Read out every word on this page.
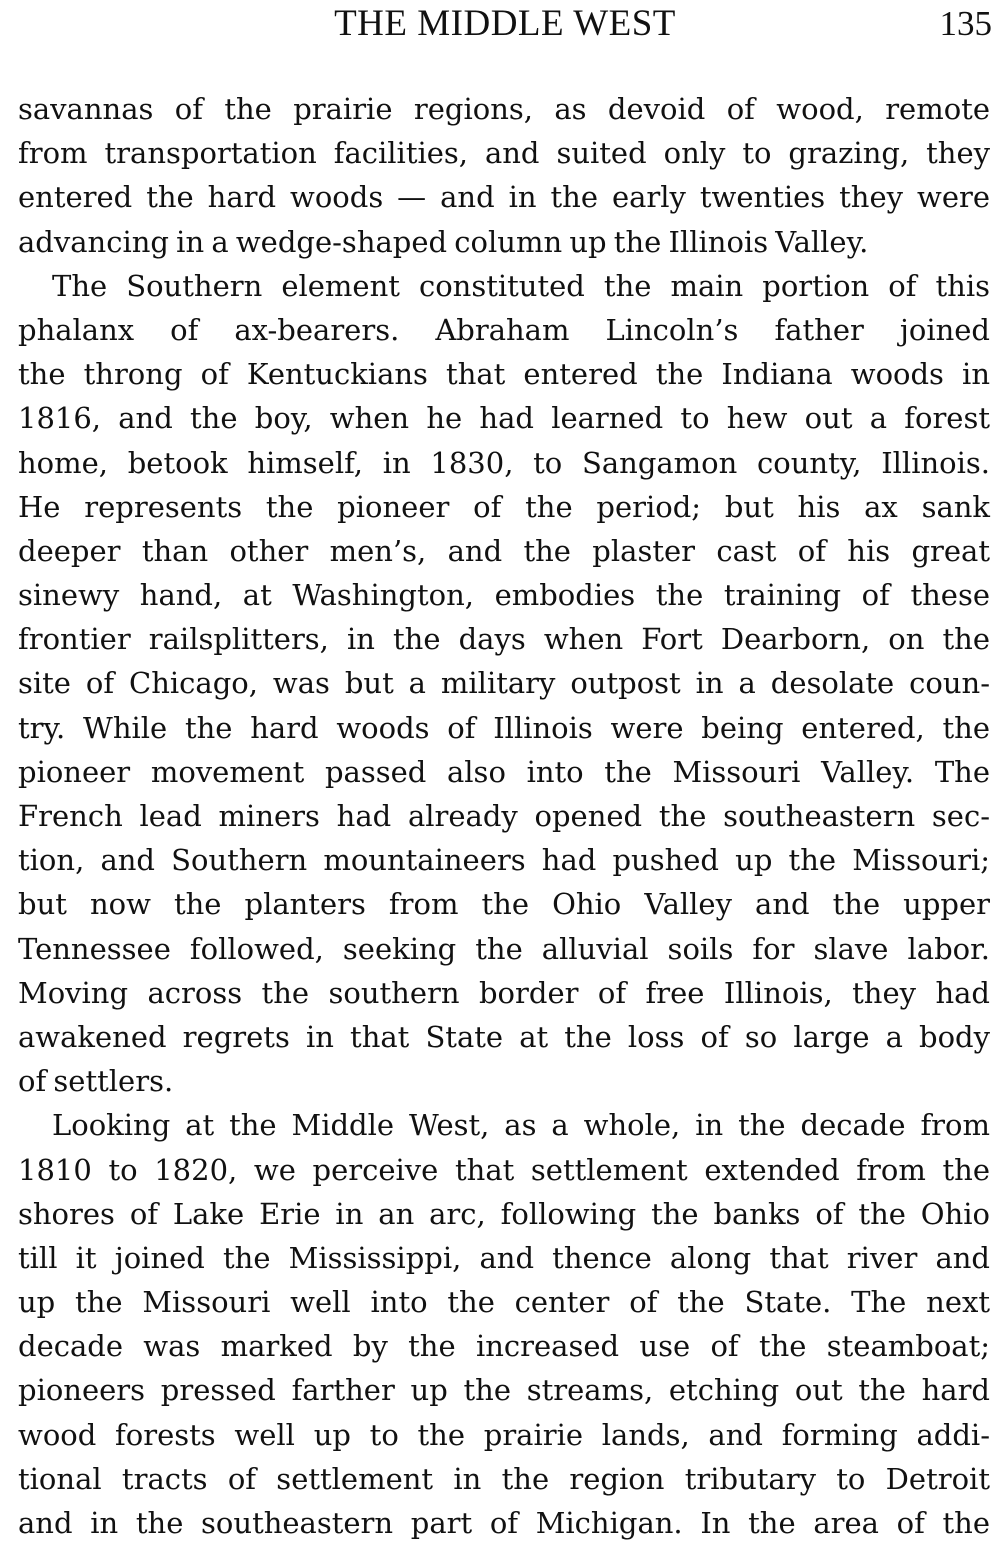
THE MIDDLE WEST	135
savannas of the prairie regions, as devoid of wood, remote
from transportation facilities, and suited only to grazing, they
entered the hard woods — and in the early twenties they were
advancing in a wedge-shaped column up the Illinois Valley.
The Southern element constituted the main portion of this
phalanx of ax-bearers. Abraham Lincoln’s father joined
the throng of Kentuckians that entered the Indiana woods in
1816, and the boy, when he had learned to hew out a forest
home, betook himself, in 1830, to Sangamon county, Illinois.
He represents the pioneer of the period; but his ax sank
deeper than other men’s, and the plaster cast of his great
sinewy hand, at Washington, embodies the training of these
frontier railsplitters, in the days when Fort Dearborn, on the
site of Chicago, was but a military outpost in a desolate coun-
try. While the hard woods of Illinois were being entered, the
pioneer movement passed also into the Missouri Valley. The
French lead miners had already opened the southeastern sec-
tion, and Southern mountaineers had pushed up the Missouri;
but now the planters from the Ohio Valley and the upper
Tennessee followed, seeking the alluvial soils for slave labor.
Moving across the southern border of free Illinois, they had
awakened regrets in that State at the loss of so large a body
of settlers.
Looking at the Middle West, as a whole, in the decade from
1810 to 1820, we perceive that settlement extended from the
shores of Lake Erie in an arc, following the banks of the Ohio
till it joined the Mississippi, and thence along that river and
up the Missouri well into the center of the State. The next
decade was marked by the increased use of the steamboat;
pioneers pressed farther up the streams, etching out the hard
wood forests well up to the prairie lands, and forming addi-
tional tracts of settlement in the region tributary to Detroit
and in the southeastern part of Michigan. In the area of the
